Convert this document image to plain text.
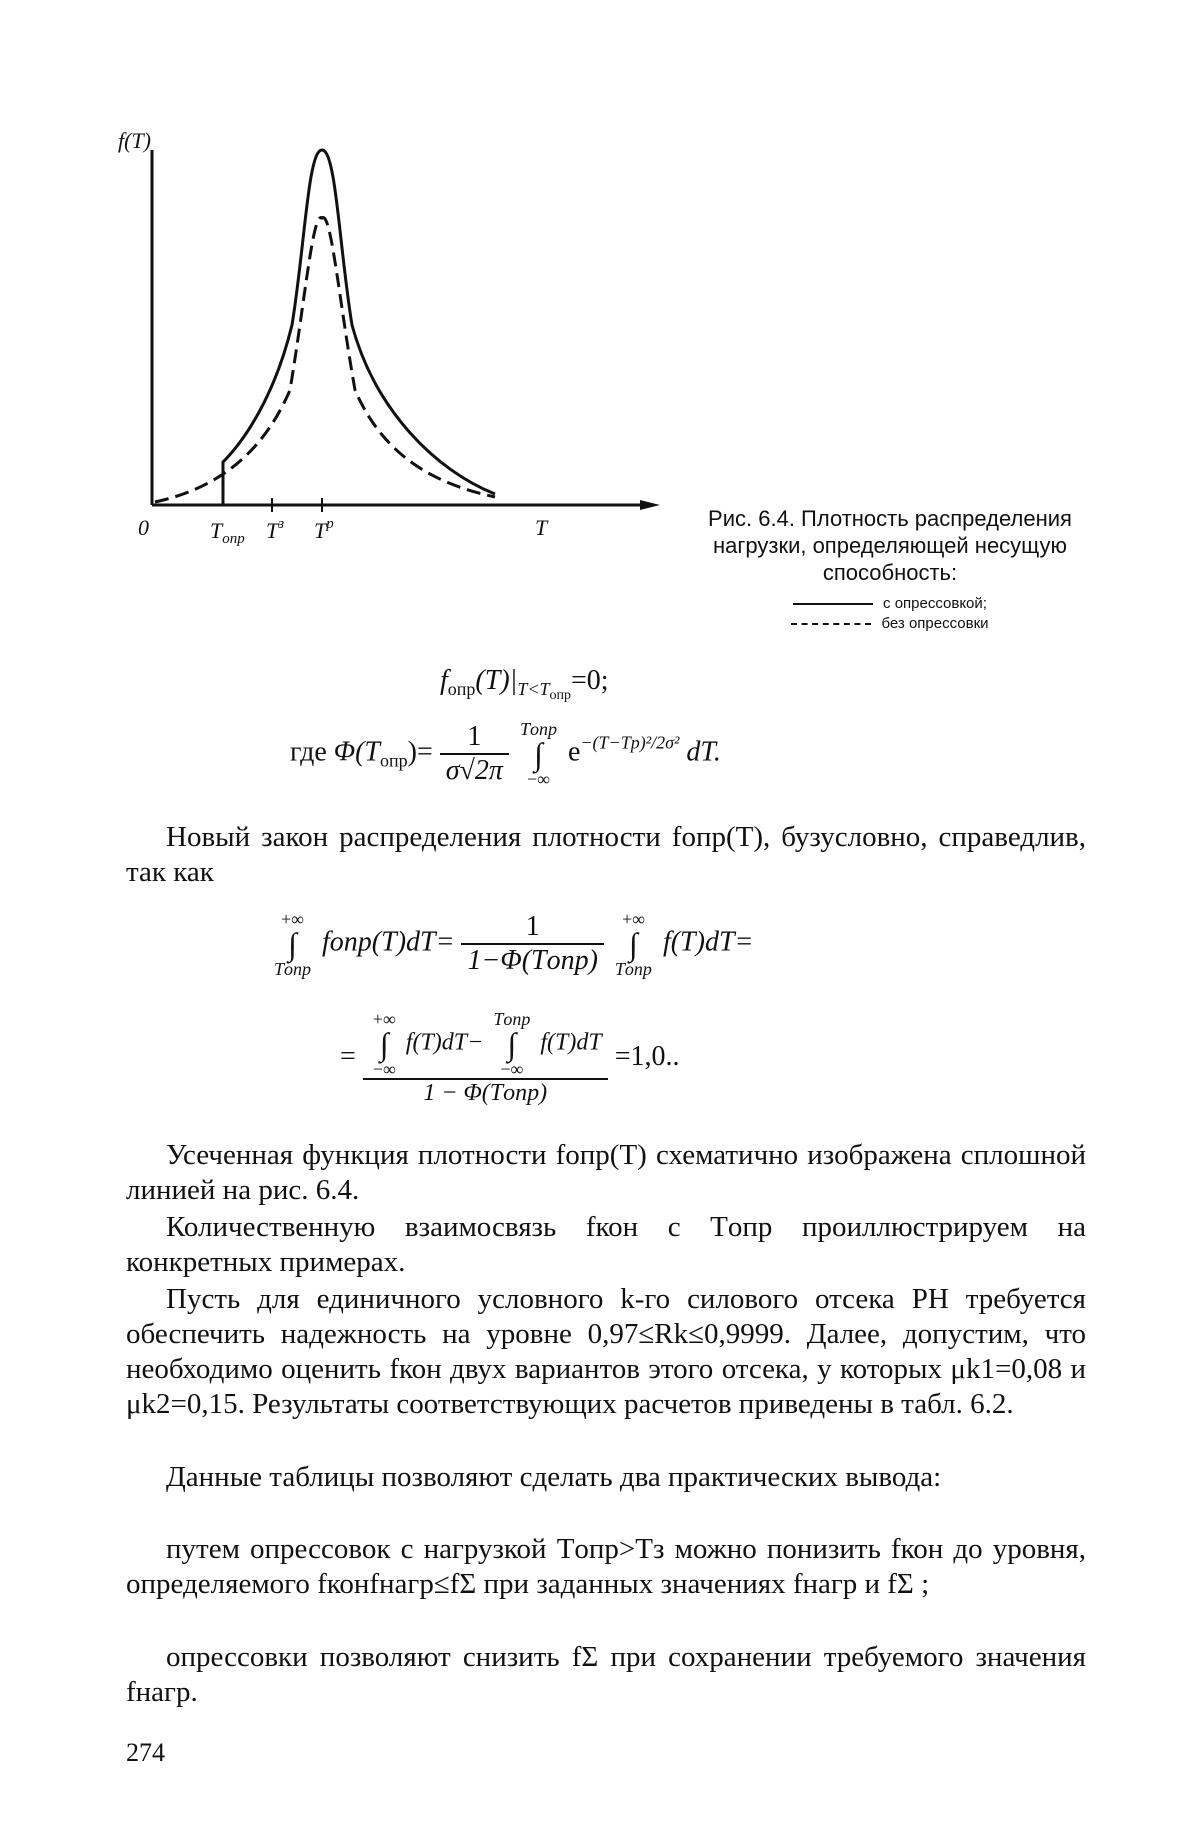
f(T)
0	T
$T_{опр}$ $T^з$ $T^р$	Рис. 6.4. Плотность распределения нагрузки, определяющей несущую способность:
с опрессовкой;
без опрессовки
$f_{опр}(T)|_{T<Tопр}=0$;
где $\Phi(T_{опр})= \frac{1}{\sigma√2\pi}$
Tопр
∫
−∞
$e^{-(T-Tр)^2/2\sigma^2}$ dT.
Новый закон распределения плотности fопр(T), бузусловно, справедлив, так как
+∞
∫
Tопр
fопр(T)dT= $\frac{1}{\text{1−Φ(Tопр)}}$
	+∞
∫
Tопр
f(T)dT=
= +∞
∫
−∞
f(T)dT−
Tопр
∫
−∞
f(T)dT
1 − Φ(Tопр) =1,0..
Усеченная функция плотности fопр(T) схематично изображена сплошной линией на рис. 6.4.
Количественную взаимосвязь fкон с Tопр проиллюстрируем на конкретных примерах.
Пусть для единичного условного k-го силового отсека РН требуется обеспечить надежность на уровне 0,97≤Rk≤0,9999. Далее, допустим, что необходимо оценить fкон двух вариантов этого отсека, у которых μk1=0,08 и μk2=0,15. Результаты соответствующих расчетов приведены в табл. 6.2.
Данные таблицы позволяют сделать два практических вывода:
путем опрессовок с нагрузкой Tопр>Tз можно понизить fкон до уровня, определяемого fконfнагр≤fΣ при заданных значениях fнагр и fΣ ;
опрессовки позволяют снизить fΣ при сохранении требуемого значения fнагр.
274
